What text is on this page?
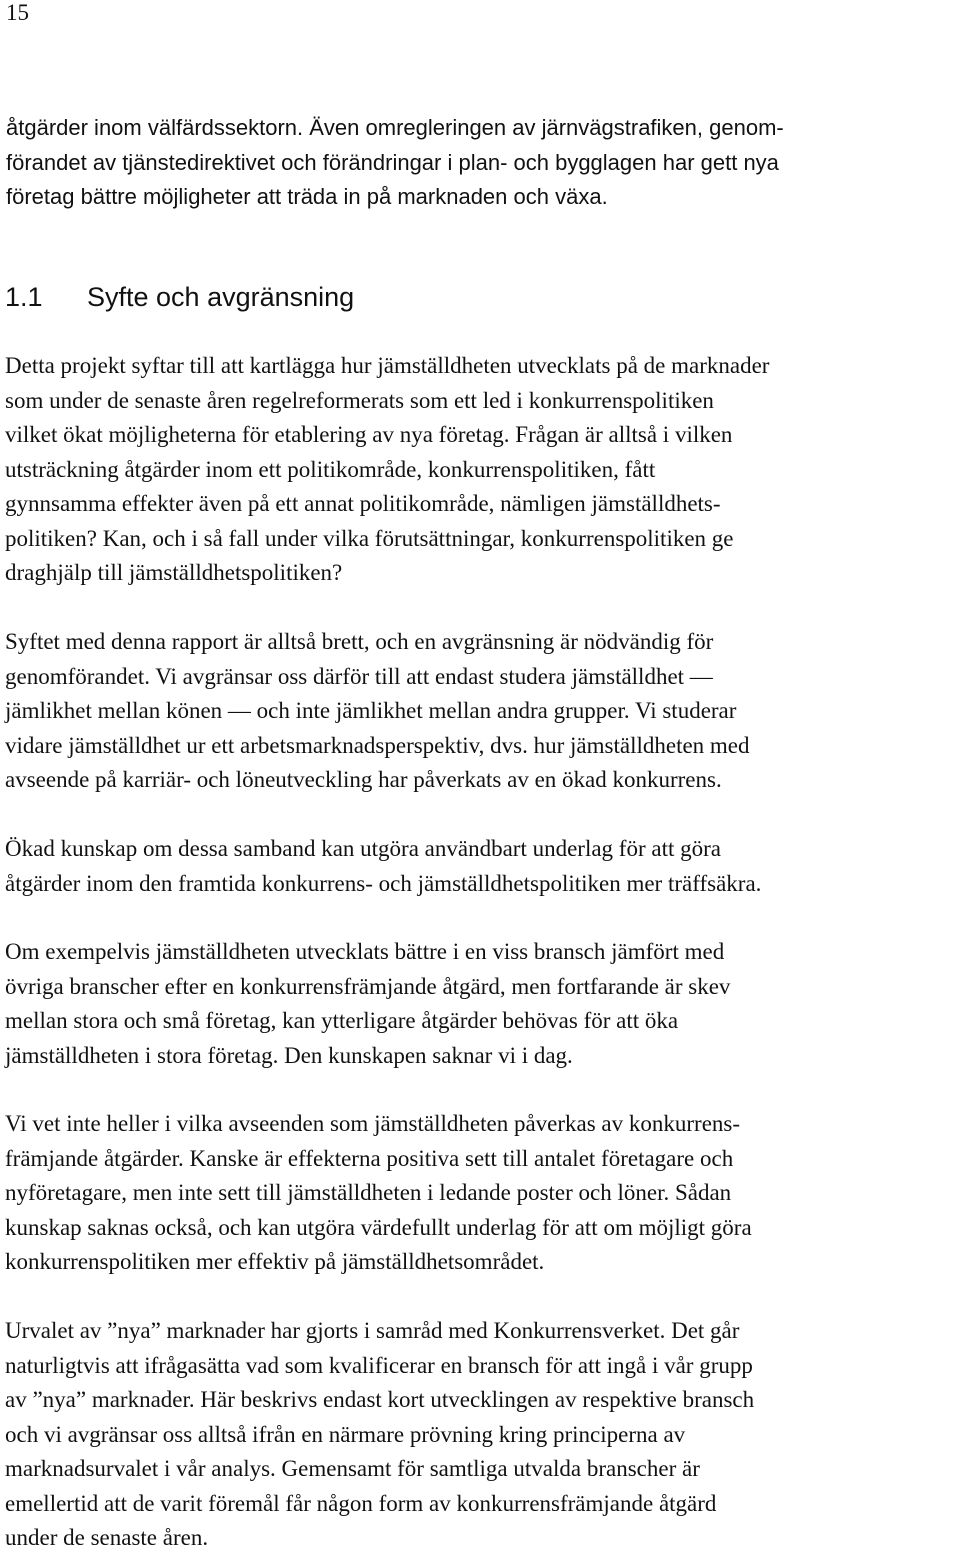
15

åtgärder inom välfärdssektorn. Även omregleringen av järnvägstrafiken, genom-
förandet av tjänstedirektivet och förändringar i plan- och bygglagen har gett nya
företag bättre möjligheter att träda in på marknaden och växa.

1.1 Syfte och avgränsning

Detta projekt syftar till att kartlägga hur jämställdheten utvecklats på de marknader
som under de senaste åren regelreformerats som ett led i konkurrenspolitiken
vilket ökat möjligheterna för etablering av nya företag. Frågan är alltså i vilken
utsträckning åtgärder inom ett politikområde, konkurrenspolitiken, fått
gynnsamma effekter även på ett annat politikområde, nämligen jämställdhets-
politiken? Kan, och i så fall under vilka förutsättningar, konkurrenspolitiken ge
draghjälp till jämställdhetspolitiken?

Syftet med denna rapport är alltså brett, och en avgränsning är nödvändig för
genomförandet. Vi avgränsar oss därför till att endast studera jämställdhet —
jämlikhet mellan könen — och inte jämlikhet mellan andra grupper. Vi studerar
vidare jämställdhet ur ett arbetsmarknadsperspektiv, dvs. hur jämställdheten med
avseende på karriär- och löneutveckling har påverkats av en ökad konkurrens.

Ökad kunskap om dessa samband kan utgöra användbart underlag för att göra
åtgärder inom den framtida konkurrens- och jämställdhetspolitiken mer träffsäkra.

Om exempelvis jämställdheten utvecklats bättre i en viss bransch jämfört med
övriga branscher efter en konkurrensfrämjande åtgärd, men fortfarande är skev
mellan stora och små företag, kan ytterligare åtgärder behövas för att öka
jämställdheten i stora företag. Den kunskapen saknar vi i dag.

Vi vet inte heller i vilka avseenden som jämställdheten påverkas av konkurrens-
främjande åtgärder. Kanske är effekterna positiva sett till antalet företagare och
nyföretagare, men inte sett till jämställdheten i ledande poster och löner. Sådan
kunskap saknas också, och kan utgöra värdefullt underlag för att om möjligt göra
konkurrenspolitiken mer effektiv på jämställdhetsområdet.

Urvalet av ”nya” marknader har gjorts i samråd med Konkurrensverket. Det går
naturligtvis att ifrågasätta vad som kvalificerar en bransch för att ingå i vår grupp
av ”nya” marknader. Här beskrivs endast kort utvecklingen av respektive bransch
och vi avgränsar oss alltså ifrån en närmare prövning kring principerna av
marknadsurvalet i vår analys. Gemensamt för samtliga utvalda branscher är
emellertid att de varit föremål får någon form av konkurrensfrämjande åtgärd
under de senaste åren.
